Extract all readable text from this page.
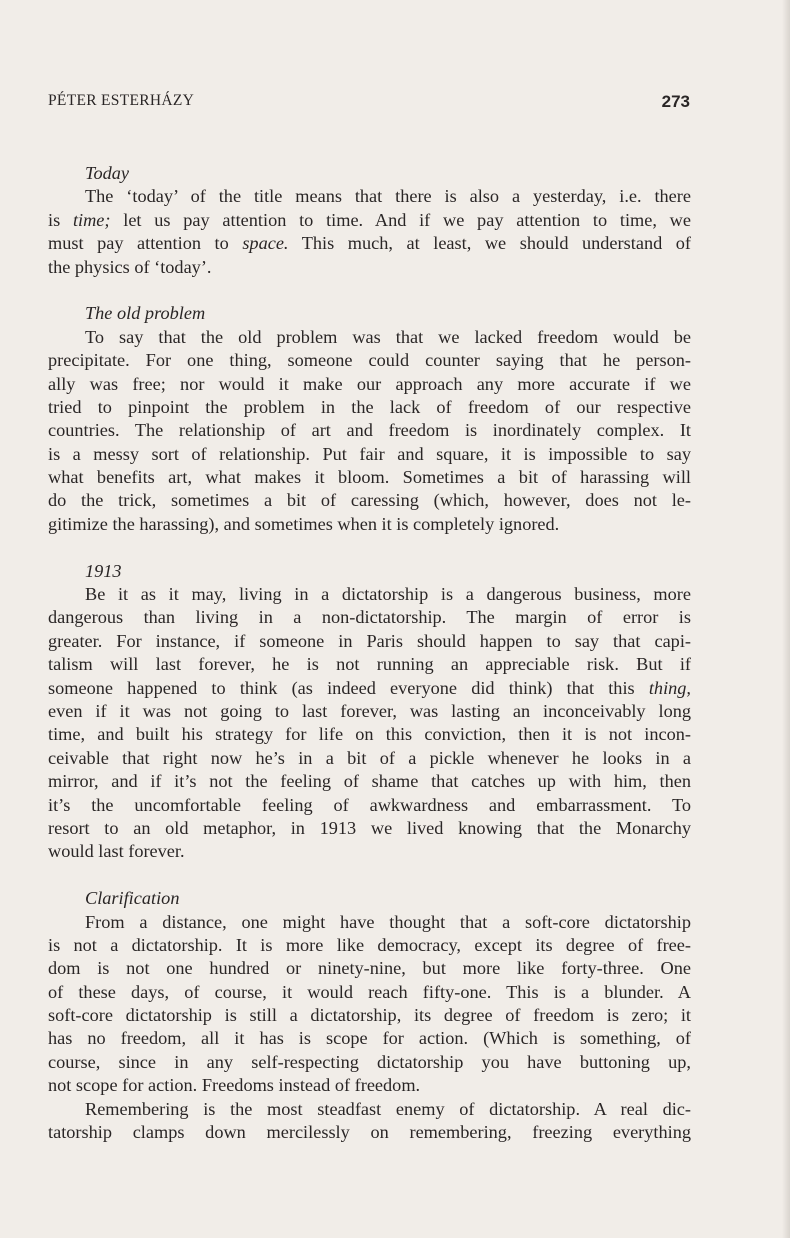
PÉTER ESTERHÁZY	273
Today
The ‘today’ of the title means that there is also a yesterday, i.e. there
is time; let us pay attention to time. And if we pay attention to time, we
must pay attention to space. This much, at least, we should understand of
the physics of ‘today’.
The old problem
To say that the old problem was that we lacked freedom would be
precipitate. For one thing, someone could counter saying that he person-
ally was free; nor would it make our approach any more accurate if we
tried to pinpoint the problem in the lack of freedom of our respective
countries. The relationship of art and freedom is inordinately complex. It
is a messy sort of relationship. Put fair and square, it is impossible to say
what benefits art, what makes it bloom. Sometimes a bit of harassing will
do the trick, sometimes a bit of caressing (which, however, does not le-
gitimize the harassing), and sometimes when it is completely ignored.
1913
Be it as it may, living in a dictatorship is a dangerous business, more
dangerous than living in a non-dictatorship. The margin of error is
greater. For instance, if someone in Paris should happen to say that capi-
talism will last forever, he is not running an appreciable risk. But if
someone happened to think (as indeed everyone did think) that this thing,
even if it was not going to last forever, was lasting an inconceivably long
time, and built his strategy for life on this conviction, then it is not incon-
ceivable that right now he’s in a bit of a pickle whenever he looks in a
mirror, and if it’s not the feeling of shame that catches up with him, then
it’s the uncomfortable feeling of awkwardness and embarrassment. To
resort to an old metaphor, in 1913 we lived knowing that the Monarchy
would last forever.
Clarification
From a distance, one might have thought that a soft-core dictatorship
is not a dictatorship. It is more like democracy, except its degree of free-
dom is not one hundred or ninety-nine, but more like forty-three. One
of these days, of course, it would reach fifty-one. This is a blunder. A
soft-core dictatorship is still a dictatorship, its degree of freedom is zero; it
has no freedom, all it has is scope for action. (Which is something, of
course, since in any self-respecting dictatorship you have buttoning up,
not scope for action. Freedoms instead of freedom.
Remembering is the most steadfast enemy of dictatorship. A real dic-
tatorship clamps down mercilessly on remembering, freezing everything
